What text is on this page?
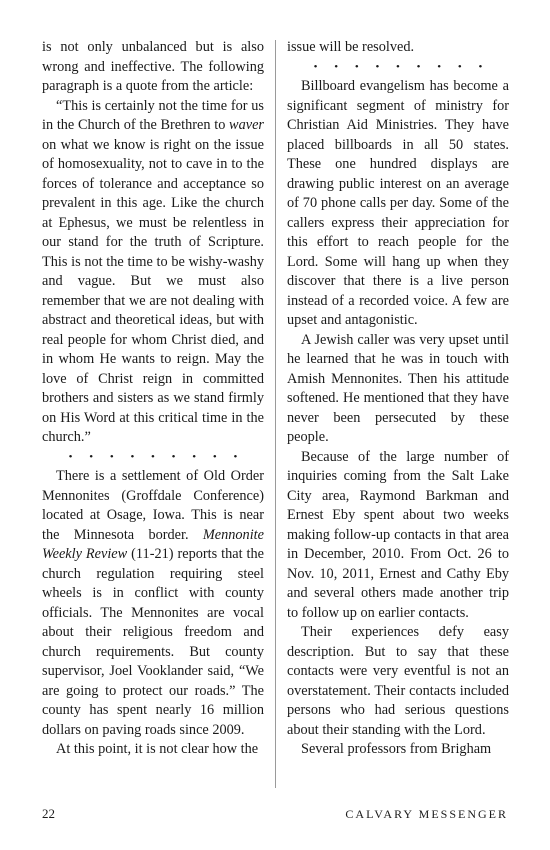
is not only unbalanced but is also wrong and ineffective. The following paragraph is a quote from the article:

“This is certainly not the time for us in the Church of the Brethren to waver on what we know is right on the issue of homosexuality, not to cave in to the forces of tolerance and acceptance so prevalent in this age. Like the church at Ephesus, we must be relentless in our stand for the truth of Scripture. This is not the time to be wishy-washy and vague. But we must also remember that we are not dealing with abstract and theoretical ideas, but with real people for whom Christ died, and in whom He wants to reign. May the love of Christ reign in committed brothers and sisters as we stand firmly on His Word at this critical time in the church.”

• • • • • • • • •

There is a settlement of Old Order Mennonites (Groffdale Conference) located at Osage, Iowa. This is near the Minnesota border. Mennonite Weekly Review (11-21) reports that the church regulation requiring steel wheels is in conflict with county officials. The Mennonites are vocal about their religious freedom and church requirements. But county supervisor, Joel Vooklander said, “We are going to protect our roads.” The county has spent nearly 16 million dollars on paving roads since 2009.

At this point, it is not clear how the

issue will be resolved.

• • • • • • • • •

Billboard evangelism has become a significant segment of ministry for Christian Aid Ministries. They have placed billboards in all 50 states. These one hundred displays are drawing public interest on an average of 70 phone calls per day. Some of the callers express their appreciation for this effort to reach people for the Lord. Some will hang up when they discover that there is a live person instead of a recorded voice. A few are upset and antagonistic.

A Jewish caller was very upset until he learned that he was in touch with Amish Mennonites. Then his attitude softened. He mentioned that they have never been persecuted by these people.

Because of the large number of inquiries coming from the Salt Lake City area, Raymond Barkman and Ernest Eby spent about two weeks making follow-up contacts in that area in December, 2010. From Oct. 26 to Nov. 10, 2011, Ernest and Cathy Eby and several others made another trip to follow up on earlier contacts.

Their experiences defy easy description. But to say that these contacts were very eventful is not an overstatement. Their contacts included persons who had serious questions about their standing with the Lord.

Several professors from Brigham

22	CALVARY MESSENGER
